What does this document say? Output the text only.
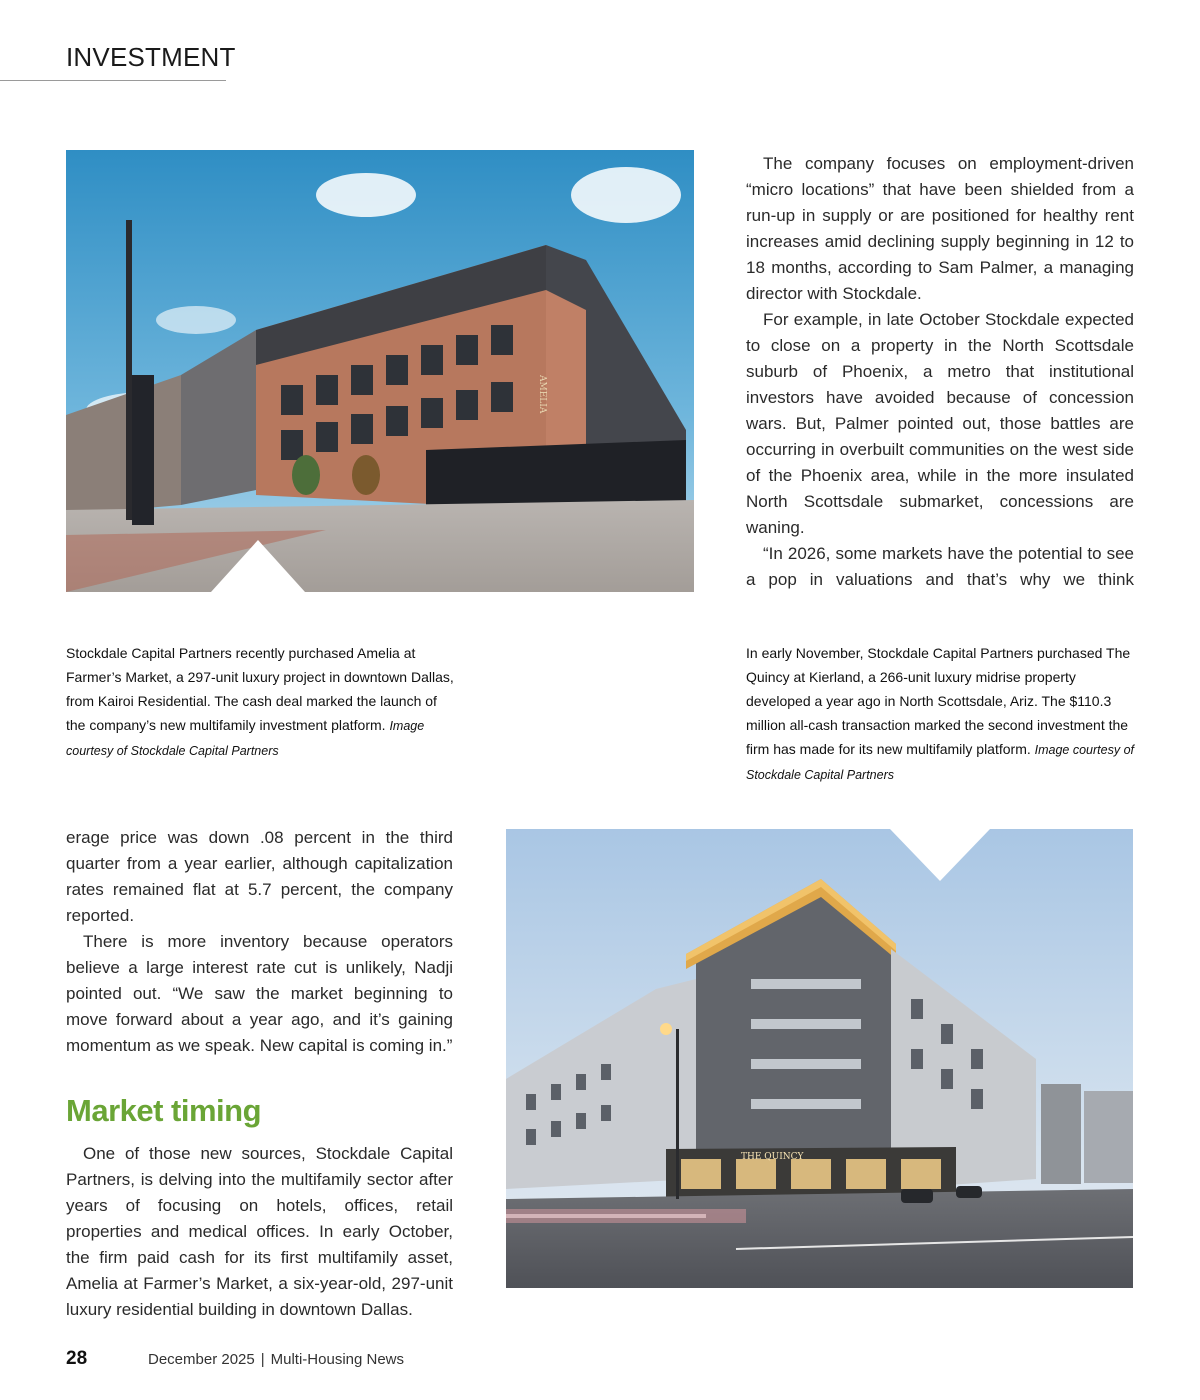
INVESTMENT
AMELIA

The company focuses on employment-driven “micro locations” that have been shielded from a run-up in supply or are positioned for healthy rent increases amid declining supply beginning in 12 to 18 months, according to Sam Palmer, a managing director with Stockdale.

For example, in late October Stockdale expected to close on a property in the North Scottsdale suburb of Phoenix, a metro that institutional investors have avoided because of concession wars. But, Palmer pointed out, those battles are occurring in overbuilt communities on the west side of the Phoenix area, while in the more insulated North Scottsdale submarket, concessions are waning.

“In 2026, some markets have the potential to see a pop in valuations and that’s why we think

Stockdale Capital Partners recently purchased Amelia at Farmer’s Market, a 297-unit luxury project in downtown Dallas, from Kairoi Residential. The cash deal marked the launch of the company’s new multifamily investment platform. Image courtesy of Stockdale Capital Partners
In early November, Stockdale Capital Partners purchased The Quincy at Kierland, a 266-unit luxury midrise property developed a year ago in North Scottsdale, Ariz. The $110.3 million all-cash transaction marked the second investment the firm has made for its new multifamily platform. Image courtesy of Stockdale Capital Partners

erage price was down .08 percent in the third quarter from a year earlier, although capitalization rates remained flat at 5.7 percent, the company reported.

There is more inventory because operators believe a large interest rate cut is unlikely, Nadji pointed out. “We saw the market beginning to move forward about a year ago, and it’s gaining momentum as we speak. New capital is coming in.”

Market timing

One of those new sources, Stockdale Capital Partners, is delving into the multifamily sector after years of focusing on hotels, offices, retail properties and medical offices. In early October, the firm paid cash for its first multifamily asset, Amelia at Farmer’s Market, a six-year-old, 297-unit luxury residential building in downtown Dallas.

THE QUINCY
28	December 2025 | Multi-Housing News
